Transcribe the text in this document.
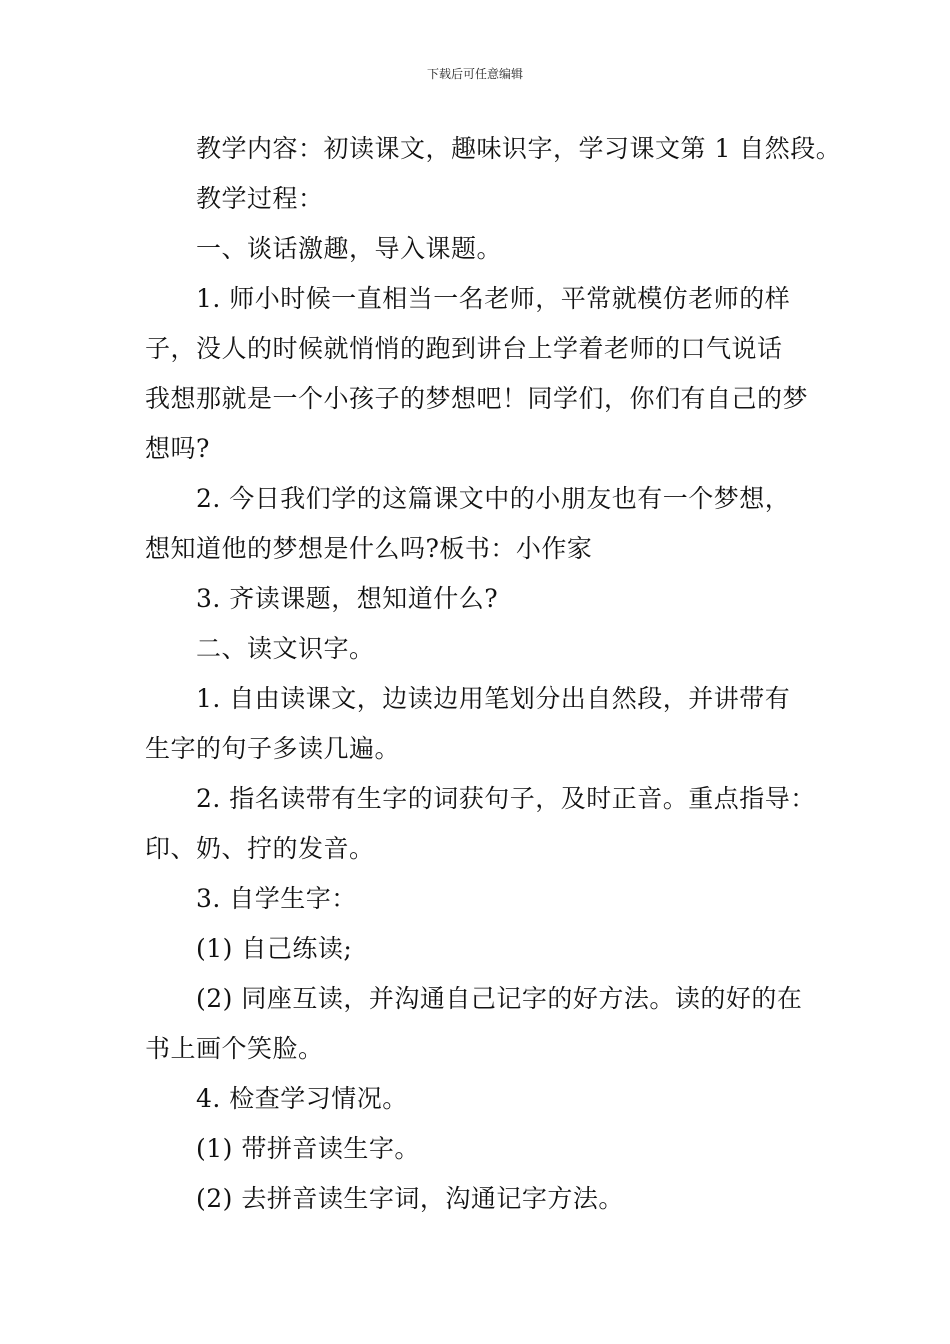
下载后可任意编辑

教学内容：初读课文，趣味识字，学习课文第 1 自然段。

教学过程：

一、谈话激趣，导入课题。

1. 师小时候一直相当一名老师，平常就模仿老师的样

子，没人的时候就悄悄的跑到讲台上学着老师的口气说话

我想那就是一个小孩子的梦想吧！同学们，你们有自己的梦

想吗?

2. 今日我们学的这篇课文中的小朋友也有一个梦想，

想知道他的梦想是什么吗?板书：小作家

3. 齐读课题，想知道什么?

二、读文识字。

1. 自由读课文，边读边用笔划分出自然段，并讲带有

生字的句子多读几遍。

2. 指名读带有生字的词获句子，及时正音。重点指导：

印、奶、拧的发音。

3. 自学生字：

(1) 自己练读;

(2) 同座互读，并沟通自己记字的好方法。读的好的在

书上画个笑脸。

4. 检查学习情况。

(1) 带拼音读生字。

(2) 去拼音读生字词，沟通记字方法。
